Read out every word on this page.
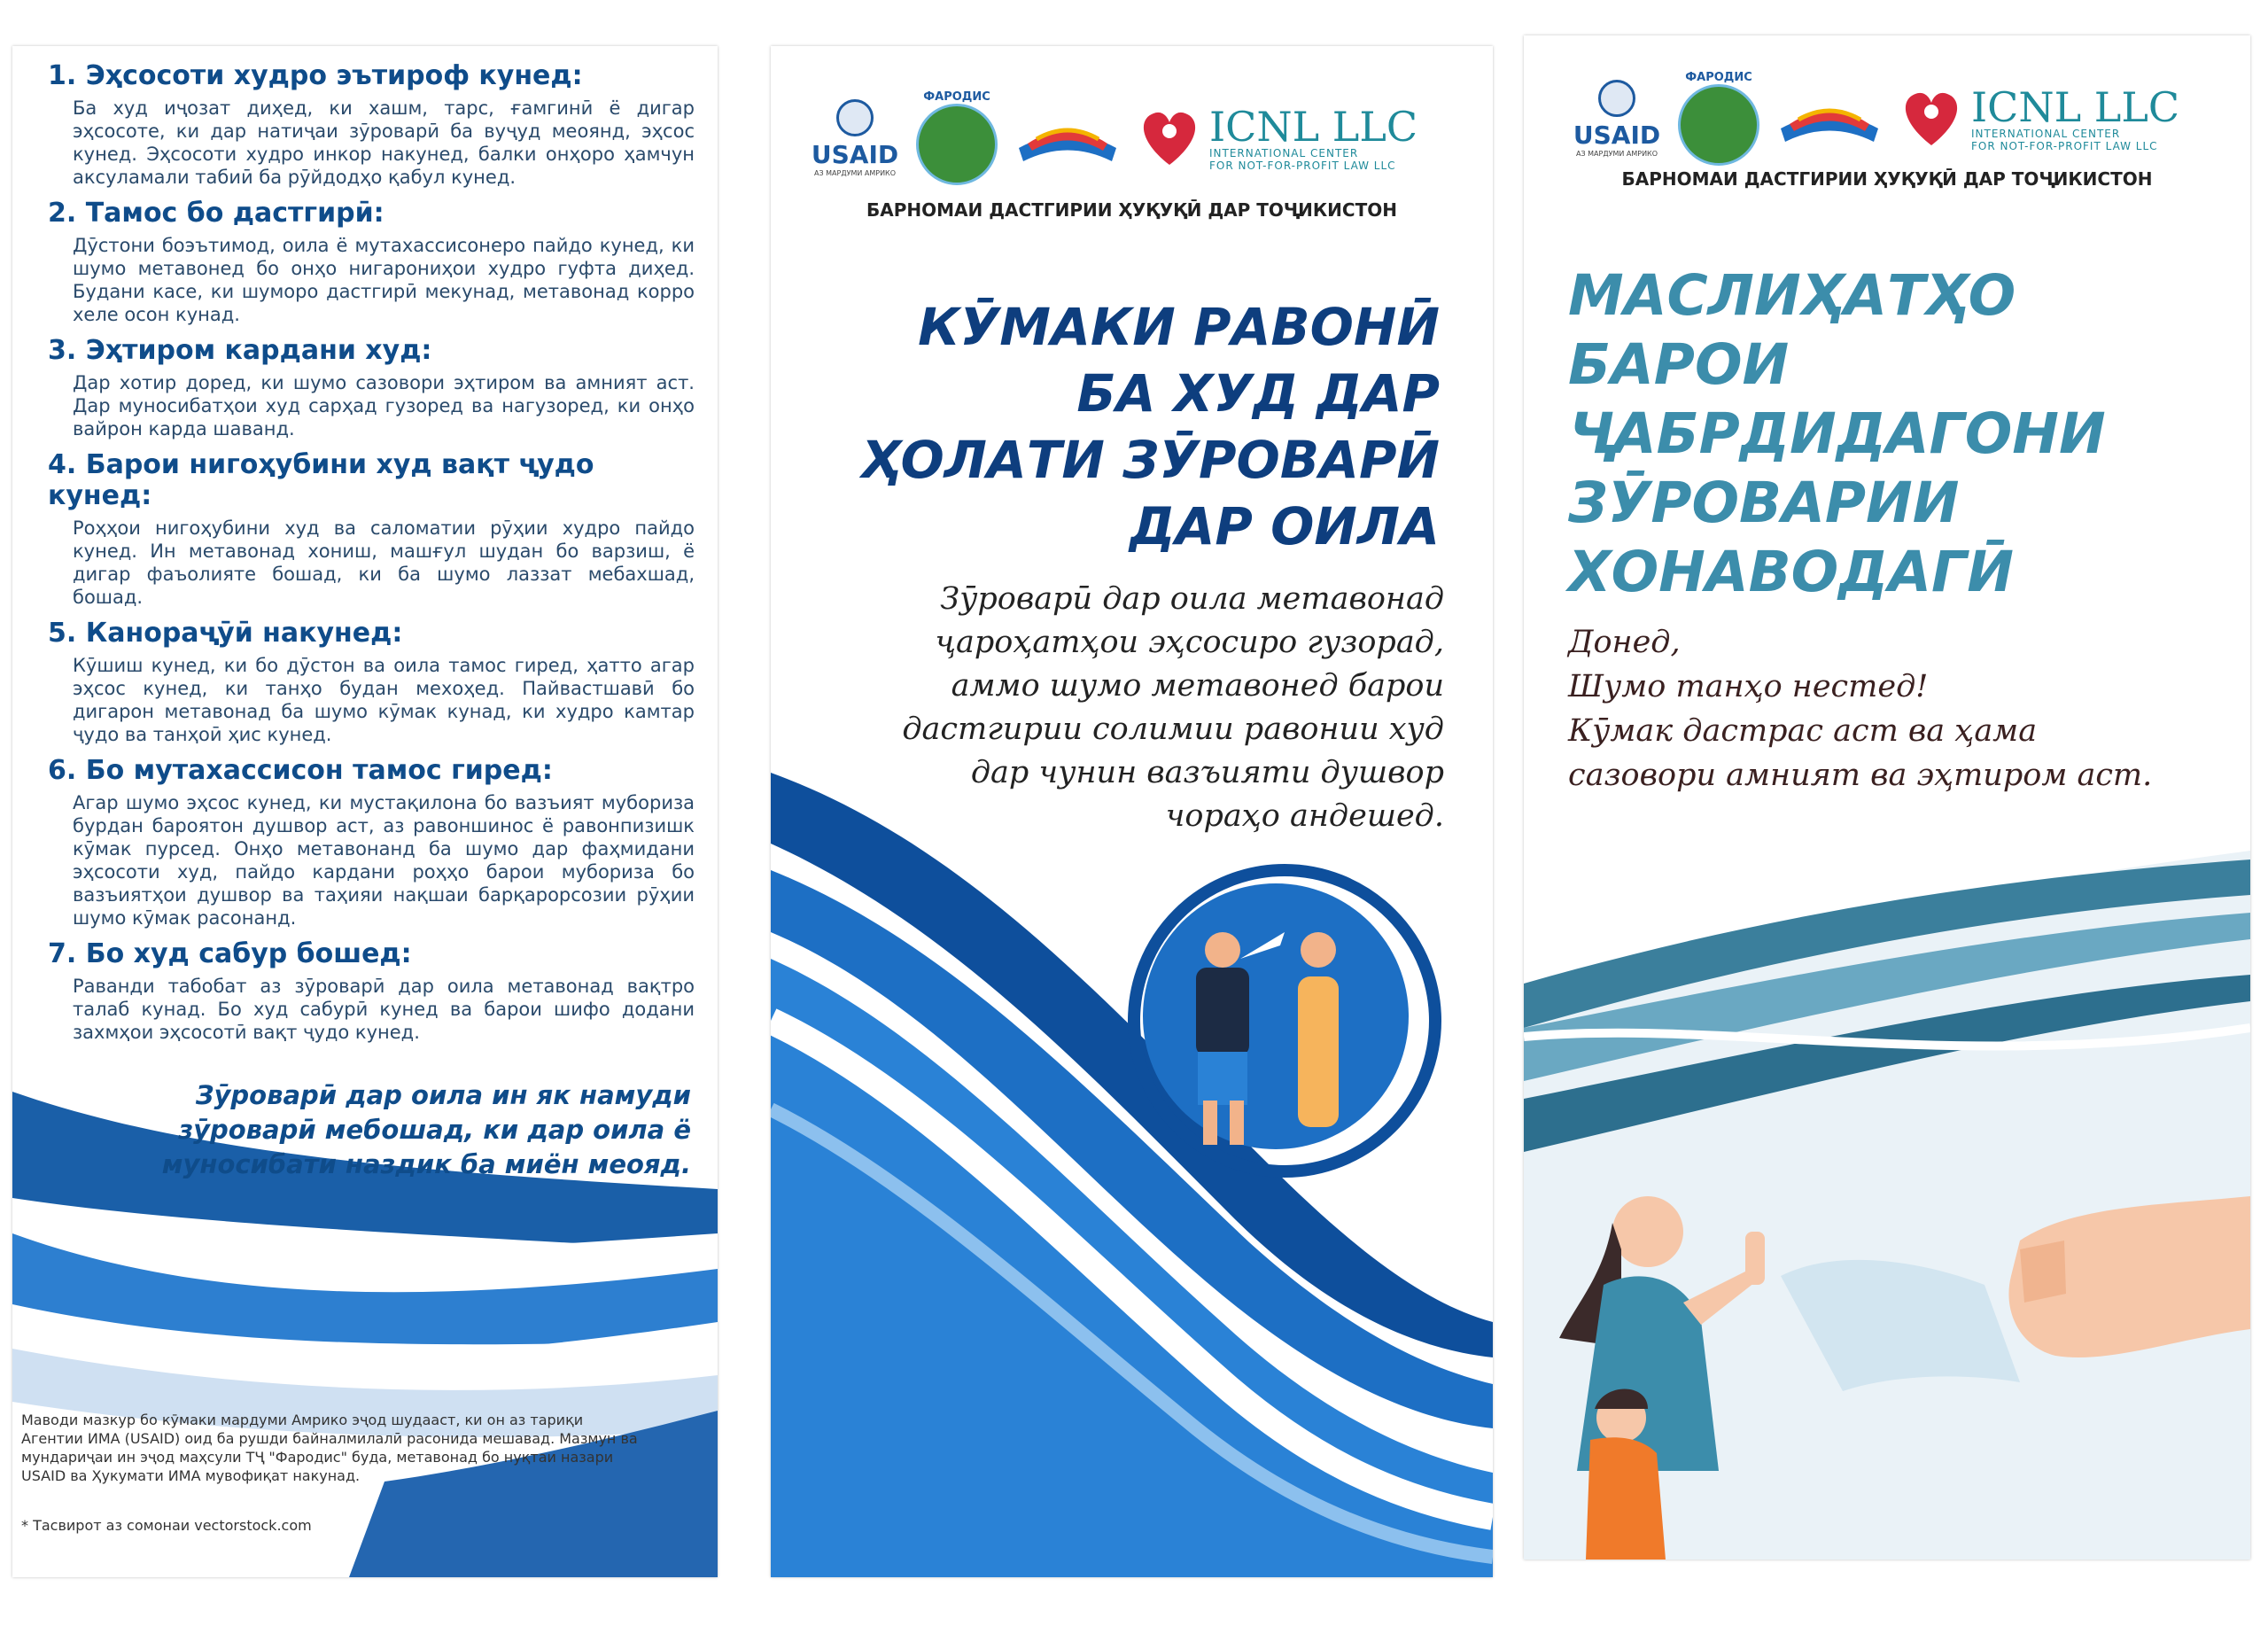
1. Эҳсосоти худро эътироф кунед:
Ба худ иҷозат диҳед, ки хашм, тарс, ғамгинӣ ё дигар эҳсосоте, ки дар натиҷаи зӯроварӣ ба вуҷуд меоянд, эҳсос кунед. Эҳсосоти худро инкор накунед, балки онҳоро ҳамчун аксуламали табиӣ ба рӯйдодҳо қабул кунед.
2. Тамос бо дастгирӣ:
Дӯстони боэътимод, оила ё мутахассисонеро пайдо кунед, ки шумо метавонед бо онҳо нигарониҳои худро гуфта диҳед. Будани касе, ки шуморо дастгирӣ мекунад, метавонад корро хеле осон кунад.
3. Эҳтиром кардани худ:
Дар хотир доред, ки шумо сазовори эҳтиром ва амният аст. Дар муносибатҳои худ сарҳад гузоред ва нагузоред, ки онҳо вайрон карда шаванд.
4. Барои нигоҳубини худ вақт ҷудо кунед:
Роҳҳои нигоҳубини худ ва саломатии рӯҳии худро пайдо кунед. Ин метавонад хониш, машғул шудан бо варзиш, ё дигар фаъолияте бошад, ки ба шумо лаззат мебахшад, бошад.
5. Канораҷӯӣ накунед:
Кӯшиш кунед, ки бо дӯстон ва оила тамос гиред, ҳатто агар эҳсос кунед, ки танҳо будан мехоҳед. Пайвастшавӣ бо дигарон метавонад ба шумо кӯмак кунад, ки худро камтар ҷудо ва танҳоӣ ҳис кунед.
6. Бо мутахассисон тамос гиред:
Агар шумо эҳсос кунед, ки мустақилона бо вазъият мубориза бурдан бароятон душвор аст, аз равоншинос ё равонпизишк кӯмак пурсед. Онҳо метавонанд ба шумо дар фаҳмидани эҳсосоти худ, пайдо кардани роҳҳо барои мубориза бо вазъиятҳои душвор ва таҳияи нақшаи барқарорсозии рӯҳии шумо кӯмак расонанд.
7. Бо худ сабур бошед:
Раванди табобат аз зӯроварӣ дар оила метавонад вақтро талаб кунад. Бо худ сабурӣ кунед ва барои шифо додани захмҳои эҳсосотӣ вақт ҷудо кунед.
Зӯроварӣ дар оила ин як намуди зӯроварӣ мебошад, ки дар оила ё муносибати наздик ба миён меояд.
Маводи мазкур бо кӯмаки мардуми Амрико эҷод шудааст, ки он аз тариқи Агентии ИМА (USAID) оид ба рушди байналмилалӣ расонида мешавад. Мазмун ва мундариҷаи ин эҷод маҳсули ТҶ "Фародис" буда, метавонад бо нуқтаи назари USAID ва Ҳукумати ИМА мувофиқат накунад.
* Тасвирот аз сомонаи vectorstock.com
USAID
АЗ МАРДУМИ АМРИКО
ФАРОДИС
ICNL LLC
INTERNATIONAL CENTER
FOR NOT-FOR-PROFIT LAW LLC
БАРНОМАИ ДАСТГИРИИ ҲУҚУҚӢ ДАР ТОҶИКИСТОН
КӮМАКИ РАВОНӢ
БА ХУД ДАР
ҲОЛАТИ ЗӮРОВАРӢ
ДАР ОИЛА
Зӯроварӣ дар оила метавонад
ҷароҳатҳои эҳсосиро гузорад,
аммо шумо метавонед барои
дастгирии солимии равонии худ
дар чунин вазъияти душвор
чораҳо андешед.
USAID
АЗ МАРДУМИ АМРИКО
ФАРОДИС
ICNL LLC
INTERNATIONAL CENTER
FOR NOT-FOR-PROFIT LAW LLC
БАРНОМАИ ДАСТГИРИИ ҲУҚУҚӢ ДАР ТОҶИКИСТОН
МАСЛИҲАТҲО
БАРОИ
ҶАБРДИДАГОНИ
ЗӮРОВАРИИ
ХОНАВОДАГӢ
Донед,
Шумо танҳо нестед!
Кӯмак дастрас аст ва ҳама
сазовори амният ва эҳтиром аст.
